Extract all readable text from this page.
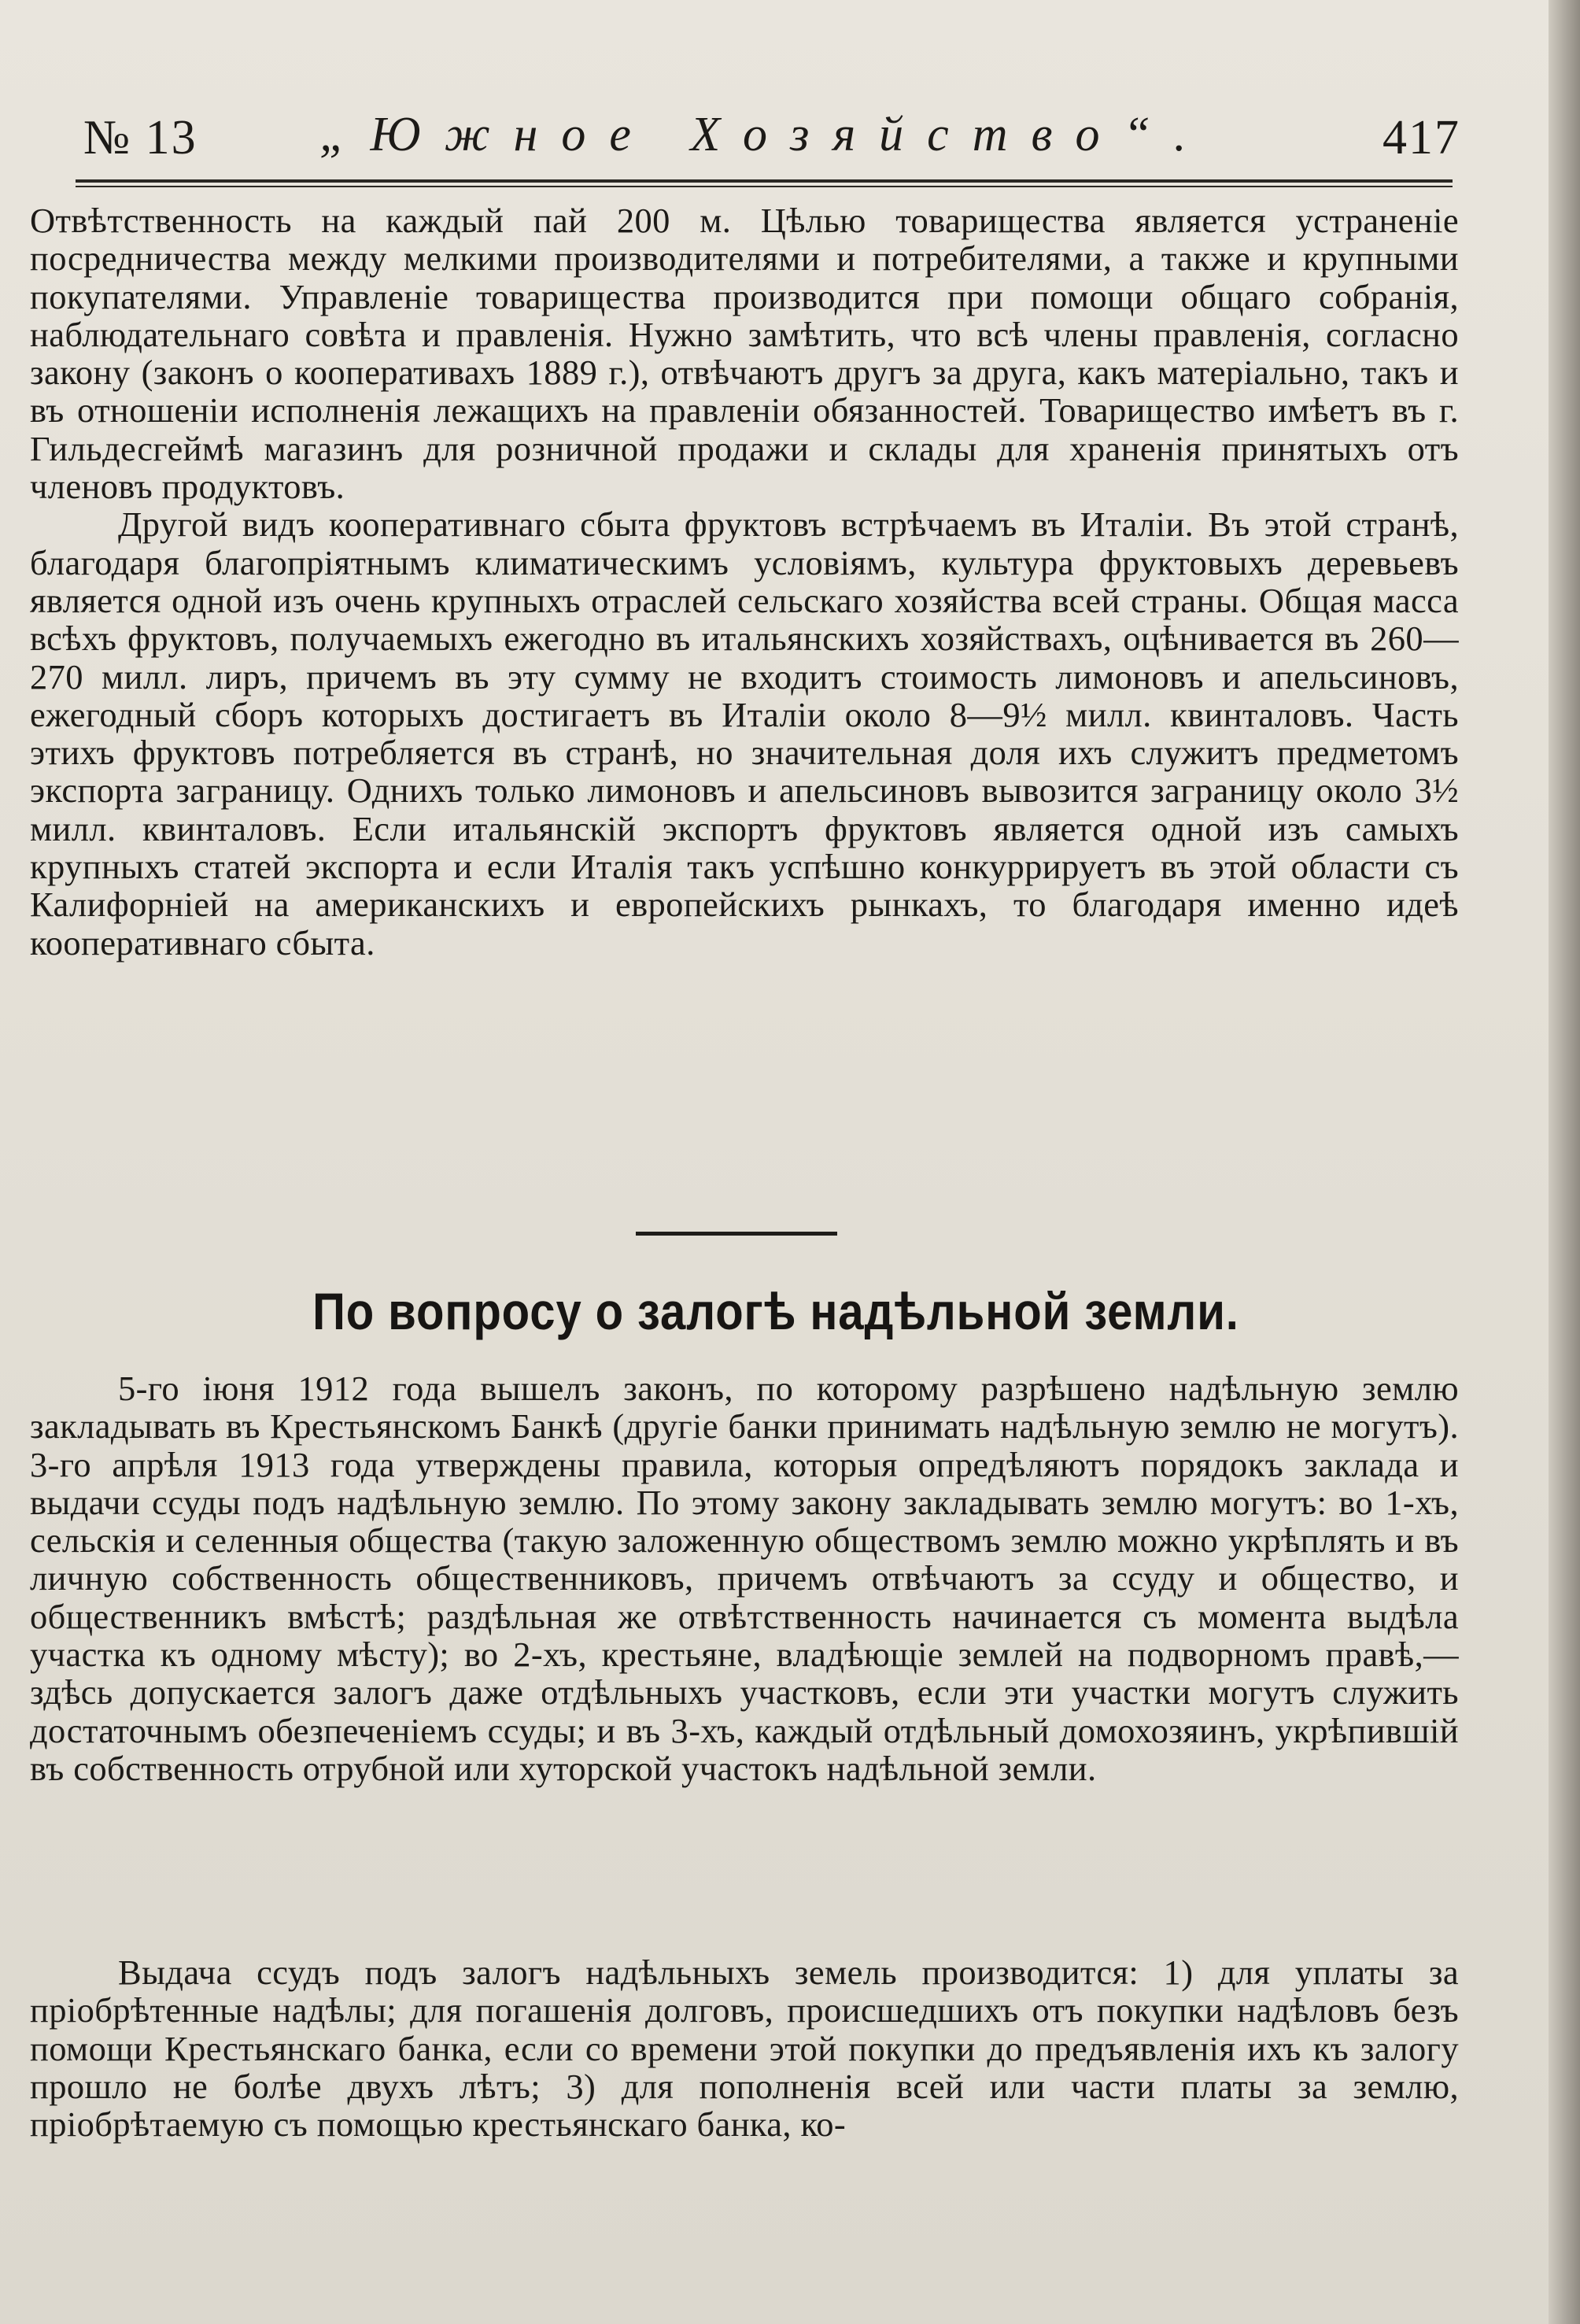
№ 13	„Южное Хозяйство“.	417

Отвѣтственность на каждый пай 200 м. Цѣлью товарищества является устраненіе посредничества между мелкими производителями и потребителями, а также и крупными покупателями. Управленіе товарищества производится при помощи общаго собранія, наблюдательнаго совѣта и правленія. Нужно замѣтить, что всѣ члены правленія, согласно закону (законъ о кооперативахъ 1889 г.), отвѣчаютъ другъ за друга, какъ матеріально, такъ и въ отношеніи исполненія лежащихъ на правленіи обязанностей. Товарищество имѣетъ въ г. Гильдесгеймѣ магазинъ для розничной продажи и склады для храненія принятыхъ отъ членовъ продуктовъ.

Другой видъ кооперативнаго сбыта фруктовъ встрѣчаемъ въ Италіи. Въ этой странѣ, благодаря благопріятнымъ климатическимъ условіямъ, культура фруктовыхъ деревьевъ является одной изъ очень крупныхъ отраслей сельскаго хозяйства всей страны. Общая масса всѣхъ фруктовъ, получаемыхъ ежегодно въ итальянскихъ хозяйствахъ, оцѣнивается въ 260—270 милл. лиръ, причемъ въ эту сумму не входитъ стоимость лимоновъ и апельсиновъ, ежегодный сборъ которыхъ достигаетъ въ Италіи около 8—9½ милл. квинталовъ. Часть этихъ фруктовъ потребляется въ странѣ, но значительная доля ихъ служитъ предметомъ экспорта заграницу. Однихъ только лимоновъ и апельсиновъ вывозится заграницу около 3½ милл. квинталовъ. Если итальянскій экспортъ фруктовъ является одной изъ самыхъ крупныхъ статей экспорта и если Италія такъ успѣшно конкуррируетъ въ этой области съ Калифорніей на американскихъ и европейскихъ рынкахъ, то благодаря именно идеѣ кооперативнаго сбыта.

По вопросу о залогѣ надѣльной земли.

5-го іюня 1912 года вышелъ законъ, по которому разрѣшено надѣльную землю закладывать въ Крестьянскомъ Банкѣ (другіе банки принимать надѣльную землю не могутъ). 3-го апрѣля 1913 года утверждены правила, которыя опредѣляютъ порядокъ заклада и выдачи ссуды подъ надѣльную землю. По этому закону закладывать землю могутъ: во 1-хъ, сельскія и селенныя общества (такую заложенную обществомъ землю можно укрѣплять и въ личную собственность общественниковъ, причемъ отвѣчаютъ за ссуду и общество, и общественникъ вмѣстѣ; раздѣльная же отвѣтственность начинается съ момента выдѣла участка къ одному мѣсту); во 2-хъ, крестьяне, владѣющіе землей на подворномъ правѣ,—здѣсь допускается залогъ даже отдѣльныхъ участковъ, если эти участки могутъ служить достаточнымъ обезпеченіемъ ссуды; и въ 3-хъ, каждый отдѣльный домохозяинъ, укрѣпившій въ собственность отрубной или хуторской участокъ надѣльной земли.

Выдача ссудъ подъ залогъ надѣльныхъ земель производится: 1) для уплаты за пріобрѣтенные надѣлы; для погашенія долговъ, происшедшихъ отъ покупки надѣловъ безъ помощи Крестьянскаго банка, если со времени этой покупки до предъявленія ихъ къ залогу прошло не болѣе двухъ лѣтъ; 3) для пополненія всей или части платы за землю, пріобрѣтаемую съ помощью крестьянскаго банка, ко-
